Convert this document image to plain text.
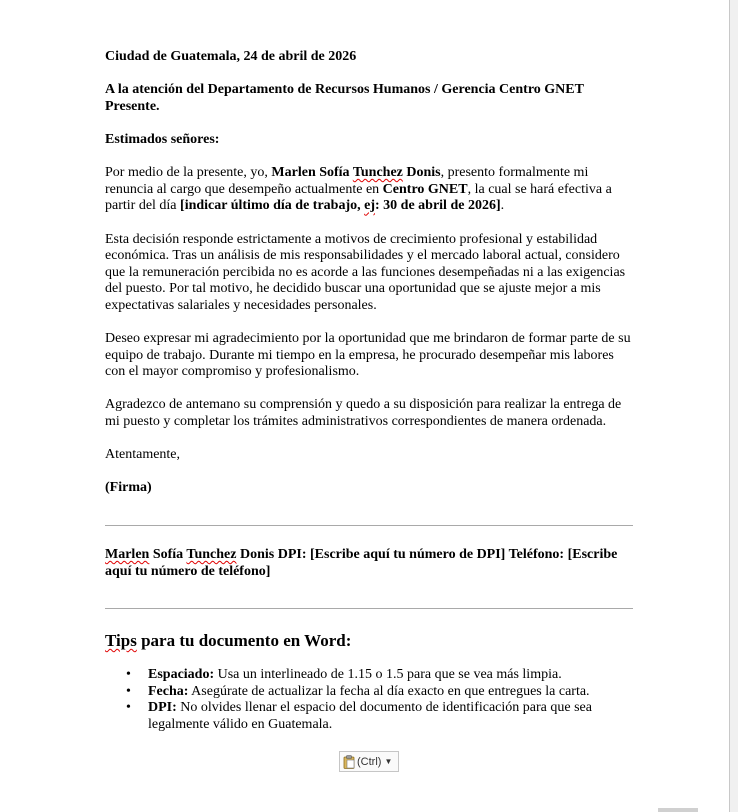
Ciudad de Guatemala, 24 de abril de 2026

A la atención del Departamento de Recursos Humanos / Gerencia Centro GNET
Presente.

Estimados señores:

Por medio de la presente, yo, Marlen Sofía Tunchez Donis, presento formalmente mi renuncia al cargo que desempeño actualmente en Centro GNET, la cual se hará efectiva a partir del día [indicar último día de trabajo, ej: 30 de abril de 2026].

Esta decisión responde estrictamente a motivos de crecimiento profesional y estabilidad económica. Tras un análisis de mis responsabilidades y el mercado laboral actual, considero que la remuneración percibida no es acorde a las funciones desempeñadas ni a las exigencias del puesto. Por tal motivo, he decidido buscar una oportunidad que se ajuste mejor a mis expectativas salariales y necesidades personales.

Deseo expresar mi agradecimiento por la oportunidad que me brindaron de formar parte de su equipo de trabajo. Durante mi tiempo en la empresa, he procurado desempeñar mis labores con el mayor compromiso y profesionalismo.

Agradezco de antemano su comprensión y quedo a su disposición para realizar la entrega de mi puesto y completar los trámites administrativos correspondientes de manera ordenada.

Atentamente,

(Firma)

Marlen Sofía Tunchez Donis DPI: [Escribe aquí tu número de DPI] Teléfono: [Escribe aquí tu número de teléfono]

Tips para tu documento en Word:

• Espaciado: Usa un interlineado de 1.15 o 1.5 para que se vea más limpia.
• Fecha: Asegúrate de actualizar la fecha al día exacto en que entregues la carta.
• DPI: No olvides llenar el espacio del documento de identificación para que sea legalmente válido en Guatemala.
(Ctrl) ▼
